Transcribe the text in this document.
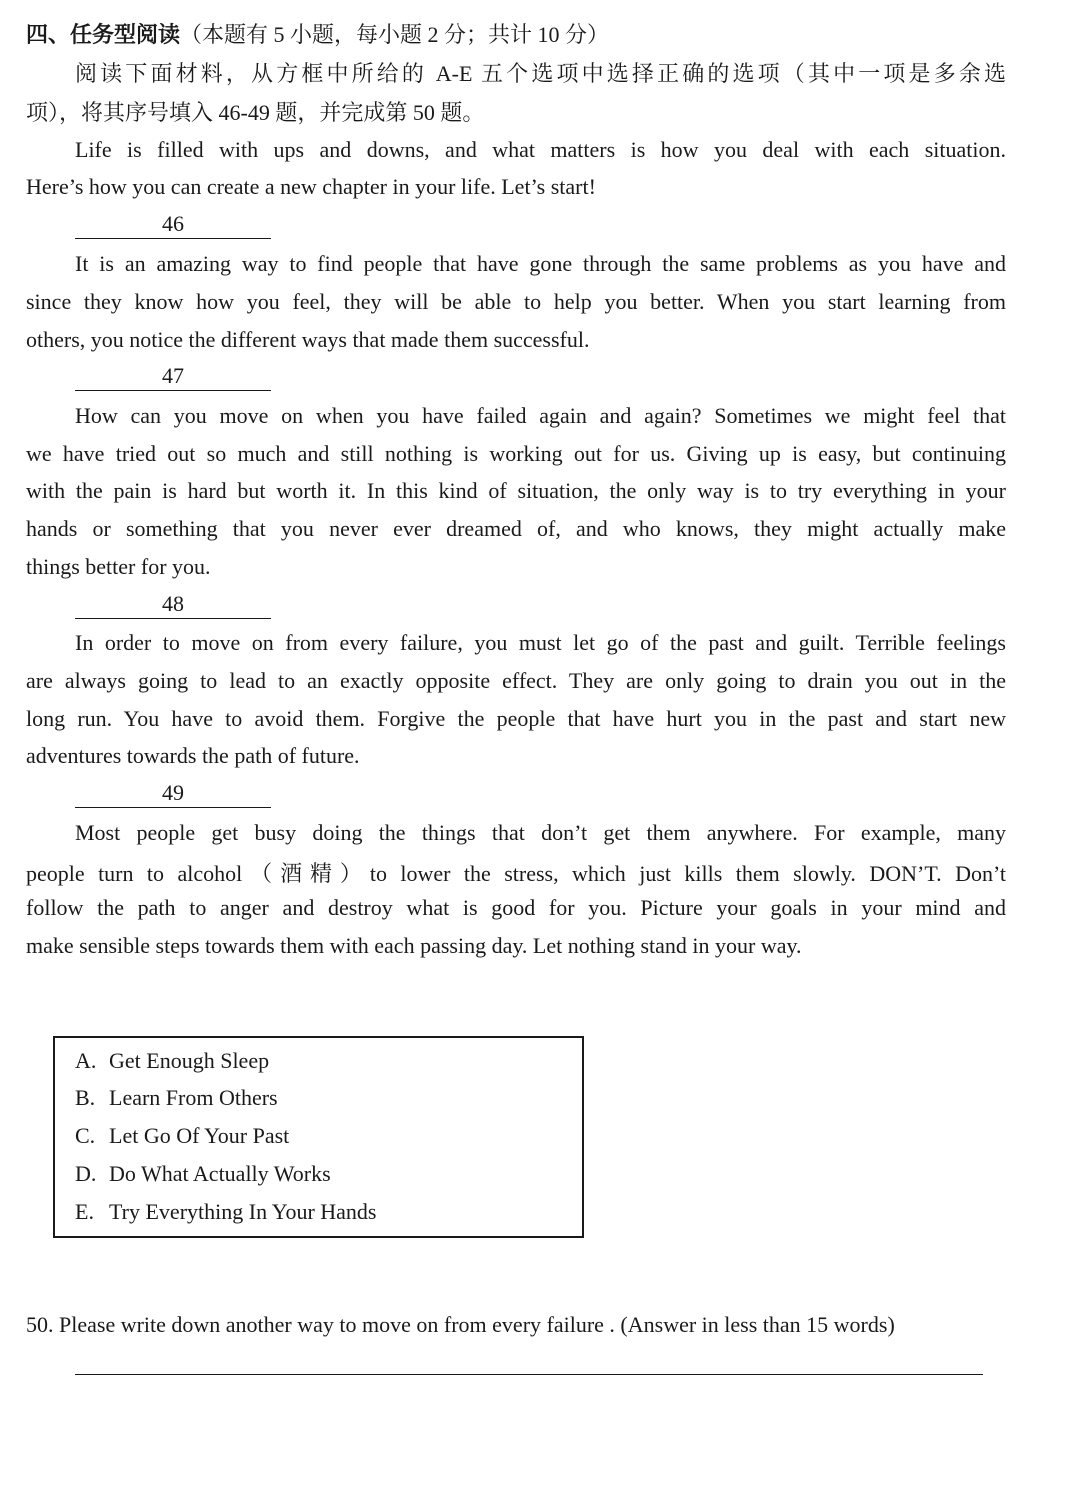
四、任务型阅读（本题有 5 小题，每小题 2 分；共计 10 分）
阅读下面材料，从方框中所给的 A-E 五个选项中选择正确的选项（其中一项是多余选
项），将其序号填入 46-49 题，并完成第 50 题。
Life is filled with ups and downs, and what matters is how you deal with each situation.
Here’s how you can create a new chapter in your life. Let’s start!
46
It is an amazing way to find people that have gone through the same problems as you have and
since they know how you feel, they will be able to help you better. When you start learning from
others, you notice the different ways that made them successful.
47
How can you move on when you have failed again and again? Sometimes we might feel that
we have tried out so much and still nothing is working out for us. Giving up is easy, but continuing
with the pain is hard but worth it. In this kind of situation, the only way is to try everything in your
hands or something that you never ever dreamed of, and who knows, they might actually make
things better for you.
48
In order to move on from every failure, you must let go of the past and guilt. Terrible feelings
are always going to lead to an exactly opposite effect. They are only going to drain you out in the
long run. You have to avoid them. Forgive the people that have hurt you in the past and start new
adventures towards the path of future.
49
Most people get busy doing the things that don’t get them anywhere. For example, many
people turn to alcohol（酒精）to lower the stress, which just kills them slowly. DON’T. Don’t
follow the path to anger and destroy what is good for you. Picture your goals in your mind and
make sensible steps towards them with each passing day. Let nothing stand in your way.
A. Get Enough Sleep
B. Learn From Others
C. Let Go Of Your Past
D. Do What Actually Works
E. Try Everything In Your Hands
50. Please write down another way to move on from every failure . (Answer in less than 15 words)
